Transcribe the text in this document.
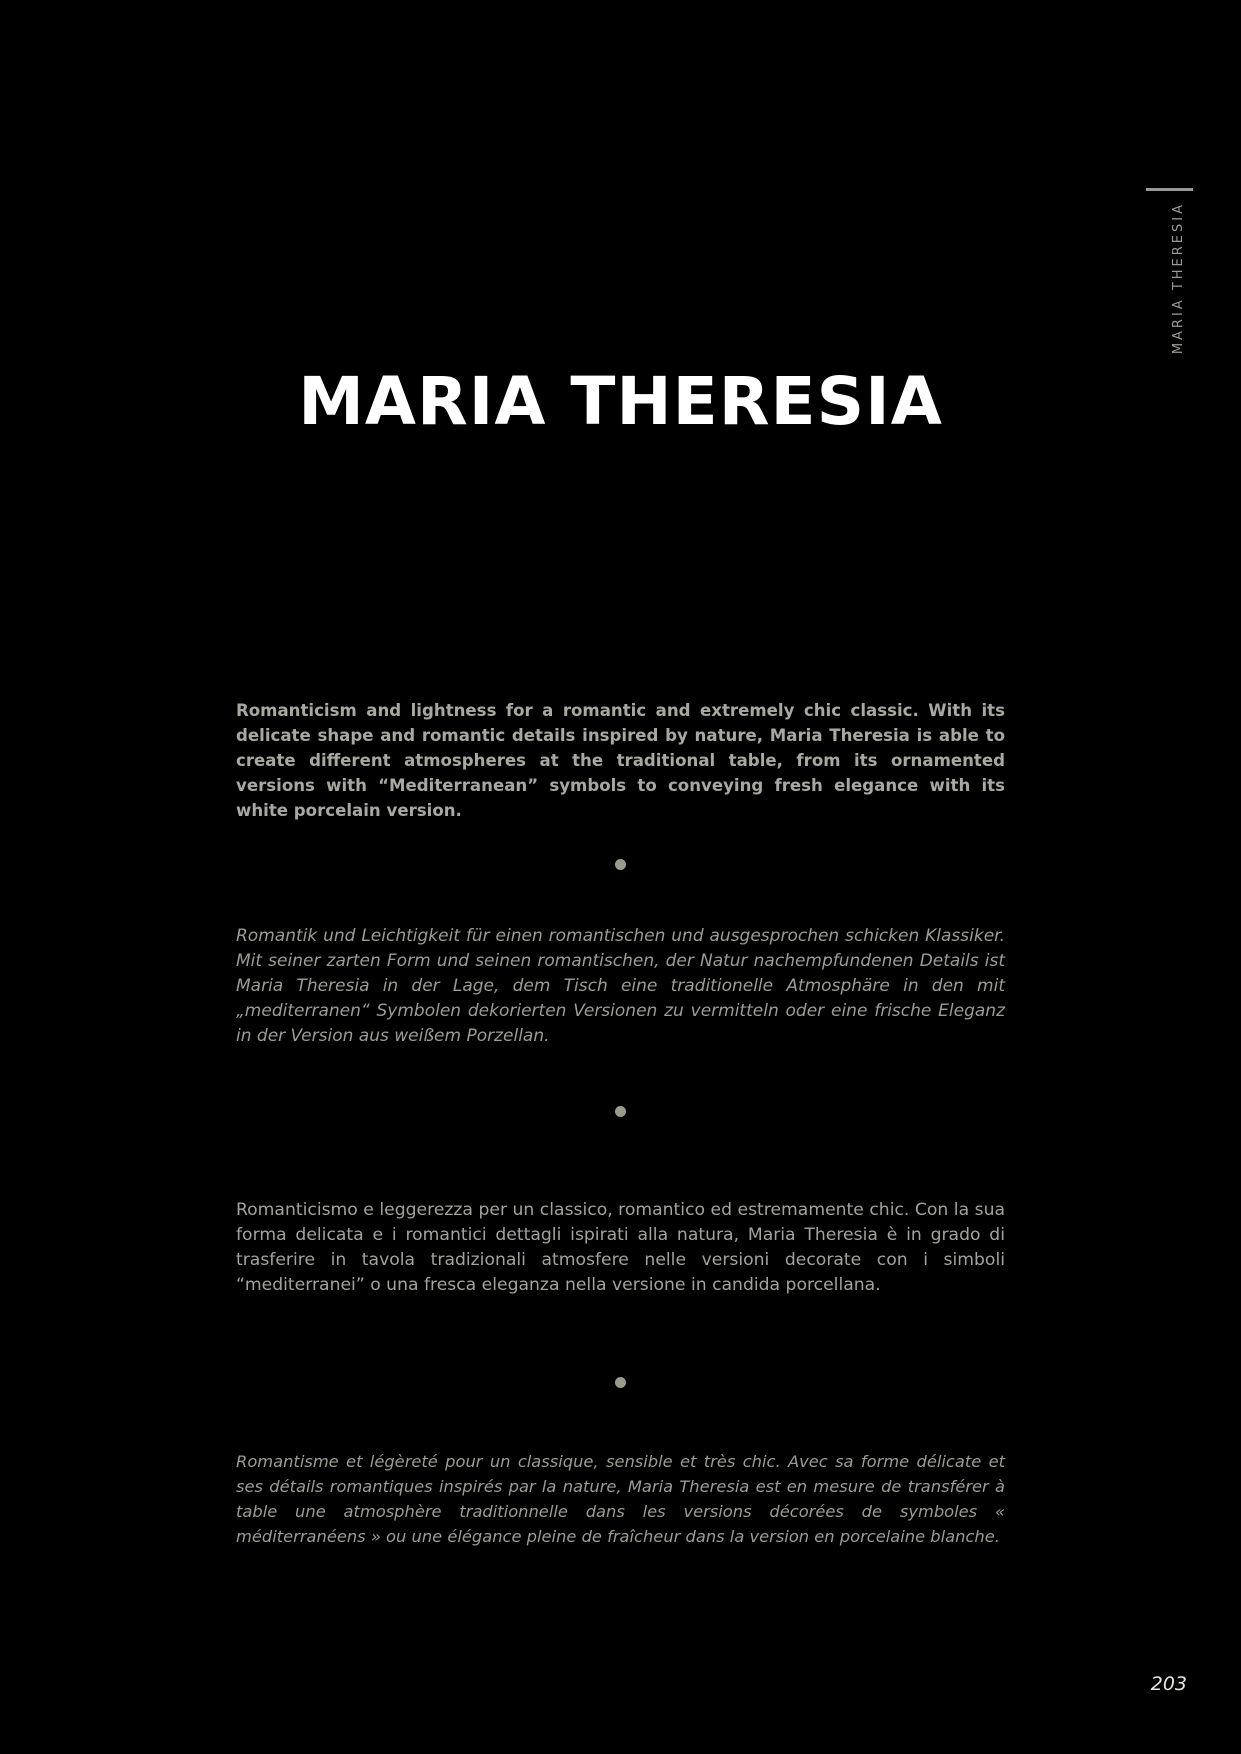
MARIA THERESIA
MARIA THERESIA

Romanticism and lightness for a romantic and extremely chic classic. With its delicate shape and romantic details inspired by nature, Maria Theresia is able to create different atmospheres at the traditional table, from its ornamented versions with “Mediterranean” symbols to conveying fresh elegance with its white porcelain version.

Romantik und Leichtigkeit für einen romantischen und ausgesprochen schicken Klassiker. Mit seiner zarten Form und seinen romantischen, der Natur nachempfundenen Details ist Maria Theresia in der Lage, dem Tisch eine traditionelle Atmosphäre in den mit „mediterranen“ Symbolen dekorierten Versionen zu vermitteln oder eine frische Eleganz in der Version aus weißem Porzellan.

Romanticismo e leggerezza per un classico, romantico ed estremamente chic. Con la sua forma delicata e i romantici dettagli ispirati alla natura, Maria Theresia è in grado di trasferire in tavola tradizionali atmosfere nelle versioni decorate con i simboli “mediterranei” o una fresca eleganza nella versione in candida porcellana.

Romantisme et légèreté pour un classique, sensible et très chic. Avec sa forme délicate et ses détails romantiques inspirés par la nature, Maria Theresia est en mesure de transférer à table une atmosphère traditionnelle dans les versions décorées de symboles « méditerranéens » ou une élégance pleine de fraîcheur dans la version en porcelaine blanche.

203
